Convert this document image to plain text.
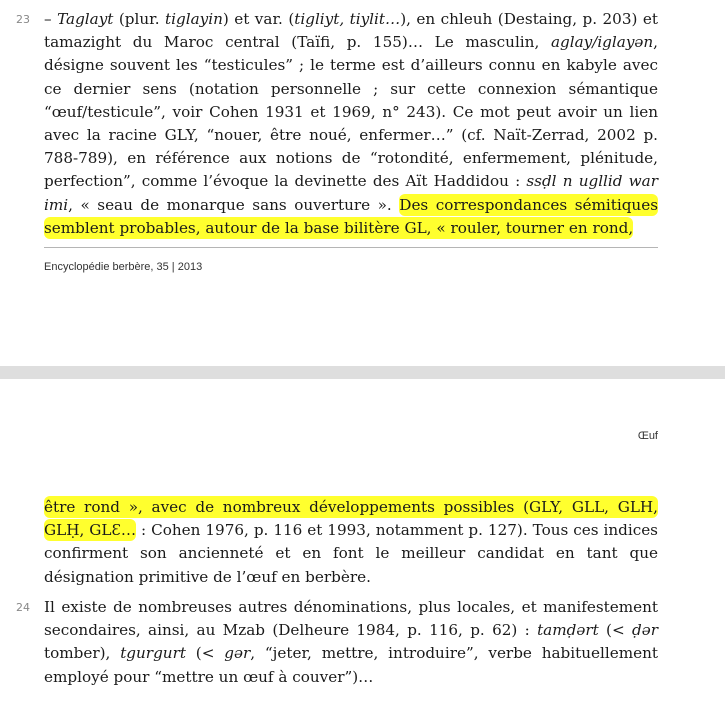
23 – Taglayt (plur. tiglayin) et var. (tigliyt, tiylit…), en chleuh (Destaing, p. 203) et tamazight du Maroc central (Taïfi, p. 155)… Le masculin, aglay/iglayən, désigne souvent les “testicules” ; le terme est d’ailleurs connu en kabyle avec ce dernier sens (notation personnelle ; sur cette connexion sémantique “œuf/testicule”, voir Cohen 1931 et 1969, n° 243). Ce mot peut avoir un lien avec la racine GLY, “nouer, être noué, enfermer…” (cf. Naït-Zerrad, 2002 p. 788-789), en référence aux notions de “rotondité, enfermement, plénitude, perfection”, comme l’évoque la devinette des Aït Haddidou : ssḍl n ugllid war imi, « seau de monarque sans ouverture ». Des correspondances sémitiques semblent probables, autour de la base bilitère GL, « rouler, tourner en rond,
Encyclopédie berbère, 35 | 2013
Œuf
être rond », avec de nombreux développements possibles (GLY, GLL, GLH, GLḤ, GLƐ… : Cohen 1976, p. 116 et 1993, notamment p. 127). Tous ces indices confirment son ancienneté et en font le meilleur candidat en tant que désignation primitive de l’œuf en berbère.
24 Il existe de nombreuses autres dénominations, plus locales, et manifestement secondaires, ainsi, au Mzab (Delheure 1984, p. 116, p. 62) : tamḍərt (< ḍər tomber), tgurgurt (< gər, “jeter, mettre, introduire”, verbe habituellement employé pour “mettre un œuf à couver”)…
